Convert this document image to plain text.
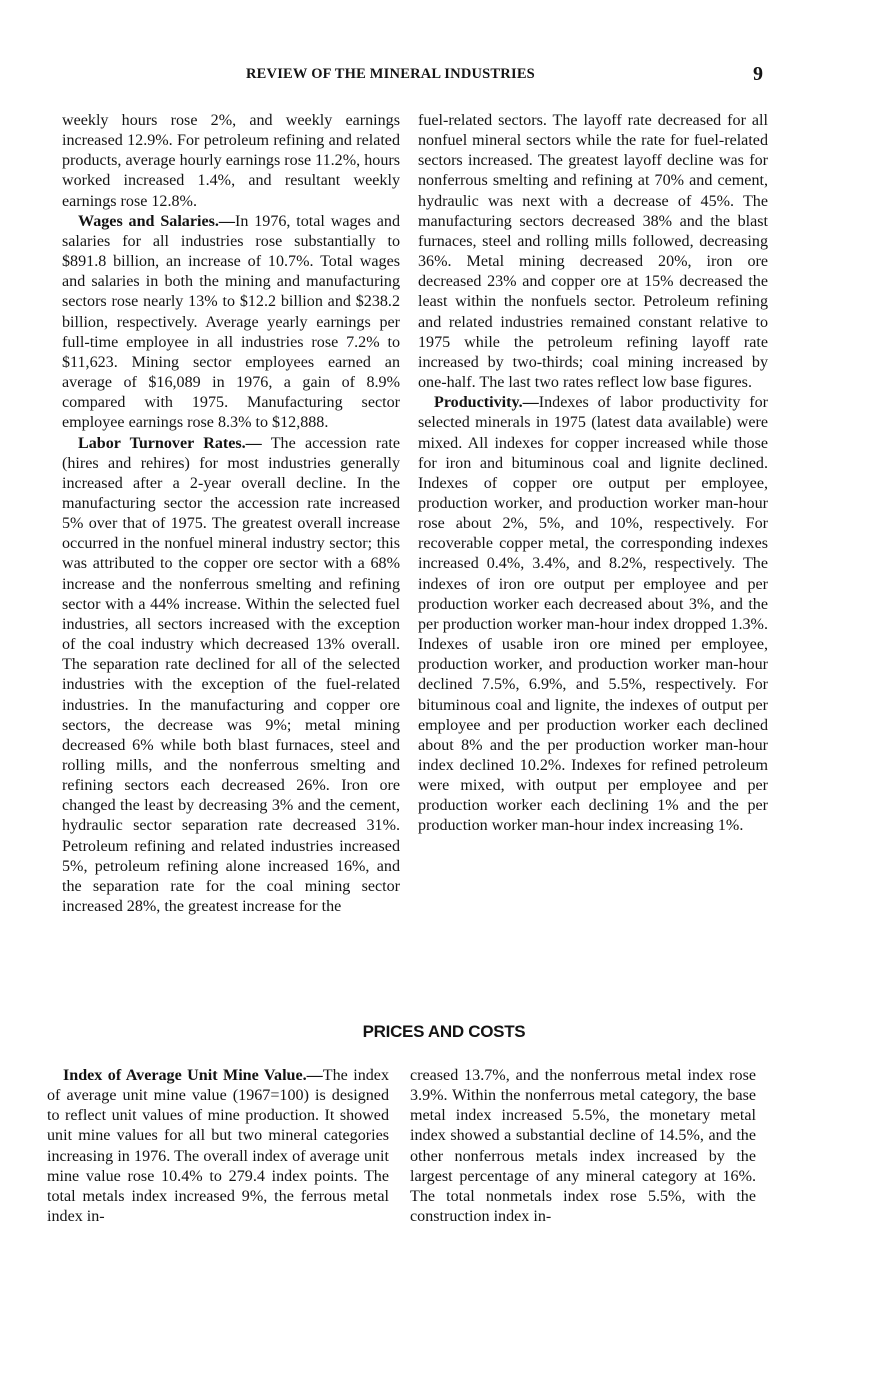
REVIEW OF THE MINERAL INDUSTRIES	9

weekly hours rose 2%, and weekly earnings increased 12.9%. For petroleum refining and related products, average hourly earnings rose 11.2%, hours worked increased 1.4%, and resultant weekly earnings rose 12.8%.

Wages and Salaries.—In 1976, total wages and salaries for all industries rose substantially to $891.8 billion, an increase of 10.7%. Total wages and salaries in both the mining and manufacturing sectors rose nearly 13% to $12.2 billion and $238.2 billion, respectively. Average yearly earnings per full-time employee in all industries rose 7.2% to $11,623. Mining sector employees earned an average of $16,089 in 1976, a gain of 8.9% compared with 1975. Manufacturing sector employee earnings rose 8.3% to $12,888.

Labor Turnover Rates.— The accession rate (hires and rehires) for most industries generally increased after a 2-year overall decline. In the manufacturing sector the accession rate increased 5% over that of 1975. The greatest overall increase occurred in the nonfuel mineral industry sector; this was attributed to the copper ore sector with a 68% increase and the nonferrous smelting and refining sector with a 44% increase. Within the selected fuel industries, all sectors increased with the exception of the coal industry which decreased 13% overall. The separation rate declined for all of the selected industries with the exception of the fuel-related industries. In the manufacturing and copper ore sectors, the decrease was 9%; metal mining decreased 6% while both blast furnaces, steel and rolling mills, and the nonferrous smelting and refining sectors each decreased 26%. Iron ore changed the least by decreasing 3% and the cement, hydraulic sector separation rate decreased 31%. Petroleum refining and related industries increased 5%, petroleum refining alone increased 16%, and the separation rate for the coal mining sector increased 28%, the greatest increase for the

fuel-related sectors. The layoff rate decreased for all nonfuel mineral sectors while the rate for fuel-related sectors increased. The greatest layoff decline was for nonferrous smelting and refining at 70% and cement, hydraulic was next with a decrease of 45%. The manufacturing sectors decreased 38% and the blast furnaces, steel and rolling mills followed, decreasing 36%. Metal mining decreased 20%, iron ore decreased 23% and copper ore at 15% decreased the least within the nonfuels sector. Petroleum refining and related industries remained constant relative to 1975 while the petroleum refining layoff rate increased by two-thirds; coal mining increased by one-half. The last two rates reflect low base figures.

Productivity.—Indexes of labor productivity for selected minerals in 1975 (latest data available) were mixed. All indexes for copper increased while those for iron and bituminous coal and lignite declined. Indexes of copper ore output per employee, production worker, and production worker man-hour rose about 2%, 5%, and 10%, respectively. For recoverable copper metal, the corresponding indexes increased 0.4%, 3.4%, and 8.2%, respectively. The indexes of iron ore output per employee and per production worker each decreased about 3%, and the per production worker man-hour index dropped 1.3%. Indexes of usable iron ore mined per employee, production worker, and production worker man-hour declined 7.5%, 6.9%, and 5.5%, respectively. For bituminous coal and lignite, the indexes of output per employee and per production worker each declined about 8% and the per production worker man-hour index declined 10.2%. Indexes for refined petroleum were mixed, with output per employee and per production worker each declining 1% and the per production worker man-hour index increasing 1%.

PRICES AND COSTS

Index of Average Unit Mine Value.—The index of average unit mine value (1967=100) is designed to reflect unit values of mine production. It showed unit mine values for all but two mineral categories increasing in 1976. The overall index of average unit mine value rose 10.4% to 279.4 index points. The total metals index increased 9%, the ferrous metal index in-

creased 13.7%, and the nonferrous metal index rose 3.9%. Within the nonferrous metal category, the base metal index increased 5.5%, the monetary metal index showed a substantial decline of 14.5%, and the other nonferrous metals index increased by the largest percentage of any mineral category at 16%. The total nonmetals index rose 5.5%, with the construction index in-
